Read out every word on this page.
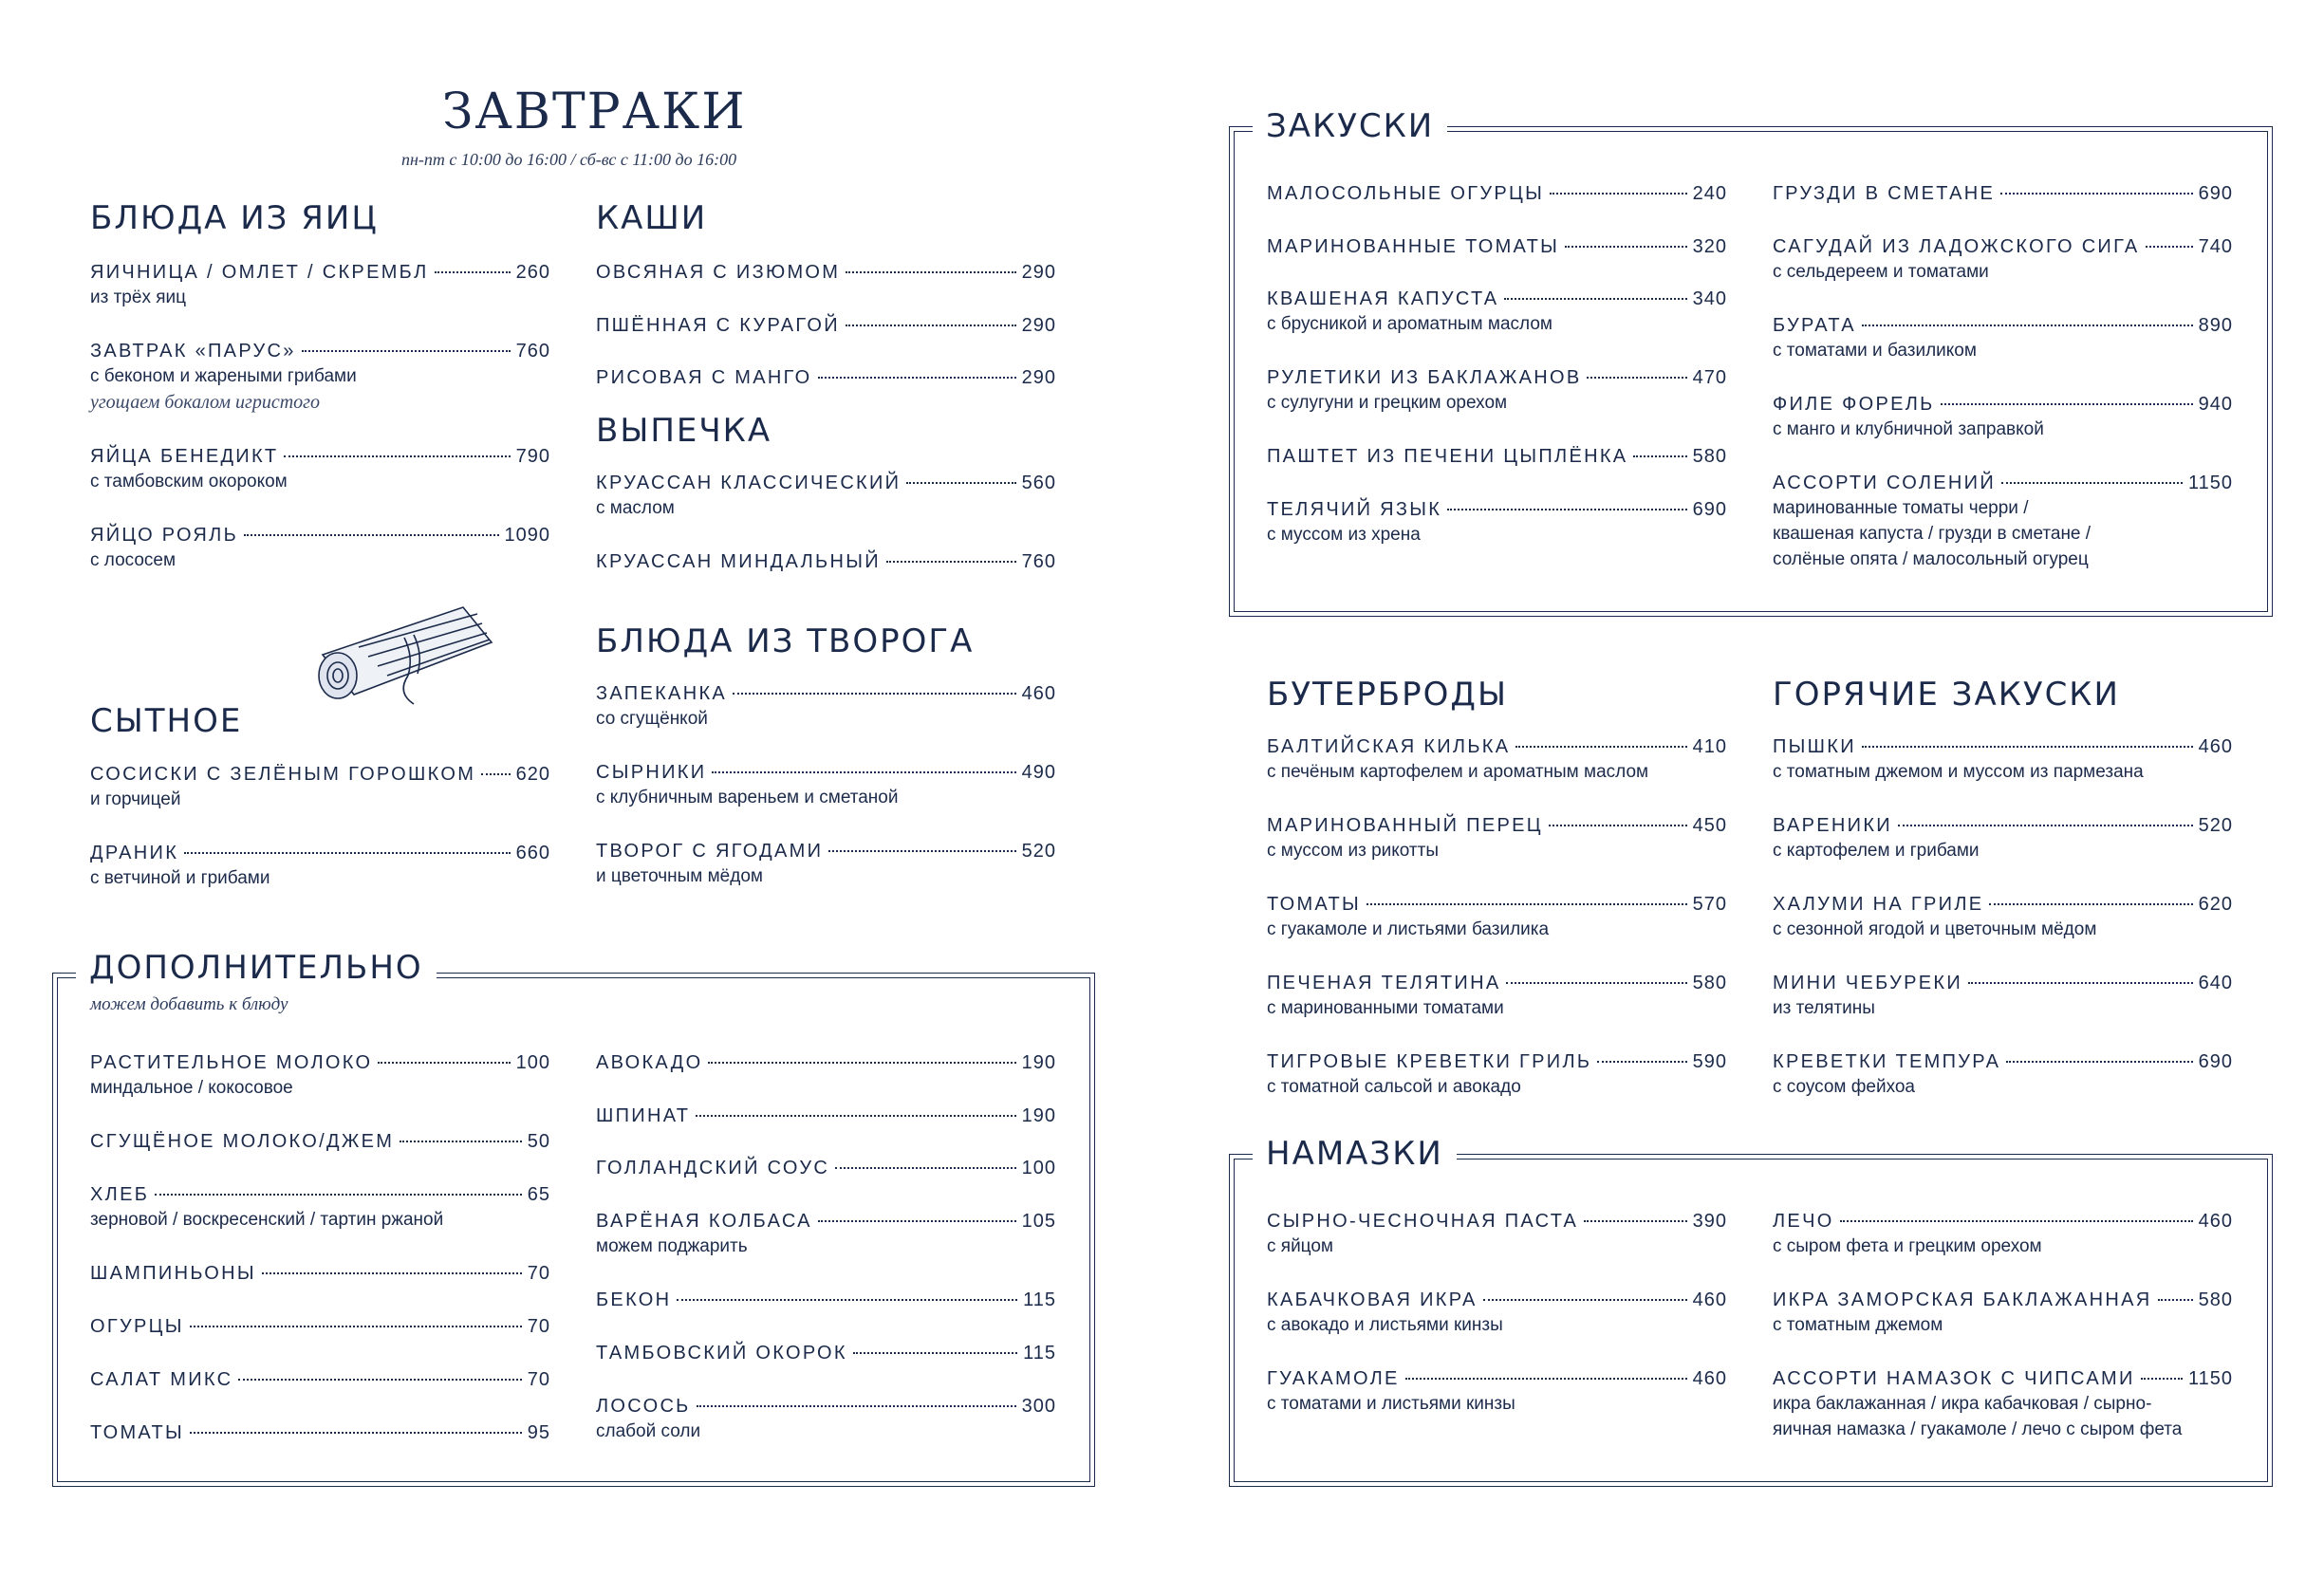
ЗАВТРАКИ
пн-пт с 10:00 до 16:00 / сб-вс с 11:00 до 16:00
БЛЮДА ИЗ ЯИЦ
ЯИЧНИЦА / ОМЛЕТ / СКРЕМБЛ	260
из трёх яиц
ЗАВТРАК «ПАРУС»	760
с беконом и жареными грибами
угощаем бокалом игристого
ЯЙЦА БЕНЕДИКТ	790
с тамбовским окороком
ЯЙЦО РОЯЛЬ	1090
с лососем
СЫТНОЕ
СОСИСКИ С ЗЕЛЁНЫМ ГОРОШКОМ 620
и горчицей
ДРАНИК	660
с ветчиной и грибами
КАШИ
ОВСЯНАЯ С ИЗЮМОМ	290
ПШЁННАЯ С КУРАГОЙ	290
РИСОВАЯ С МАНГО	290
ВЫПЕЧКА
КРУАССАН КЛАССИЧЕСКИЙ	560
с маслом
КРУАССАН МИНДАЛЬНЫЙ	760
БЛЮДА ИЗ ТВОРОГА
ЗАПЕКАНКА	460
со сгущёнкой
СЫРНИКИ	490
с клубничным вареньем и сметаной
ТВОРОГ С ЯГОДАМИ	520
и цветочным мёдом
ДОПОЛНИТЕЛЬНО
можем добавить к блюду
РАСТИТЕЛЬНОЕ МОЛОКО	100
миндальное / кокосовое
СГУЩЁНОЕ МОЛОКО/ДЖЕМ	50
ХЛЕБ	65
зерновой / воскресенский / тартин ржаной
ШАМПИНЬОНЫ	70
ОГУРЦЫ	70
САЛАТ МИКС	70
ТОМАТЫ	95
АВОКАДО	190
ШПИНАТ	190
ГОЛЛАНДСКИЙ СОУС	100
ВАРЁНАЯ КОЛБАСА	105
можем поджарить
БЕКОН	115
ТАМБОВСКИЙ ОКОРОК	115
ЛОСОСЬ	300
слабой соли
ЗАКУСКИ
МАЛОСОЛЬНЫЕ ОГУРЦЫ	240
МАРИНОВАННЫЕ ТОМАТЫ	320
КВАШЕНАЯ КАПУСТА	340
с брусникой и ароматным маслом
РУЛЕТИКИ ИЗ БАКЛАЖАНОВ	470
с сулугуни и грецким орехом
ПАШТЕТ ИЗ ПЕЧЕНИ ЦЫПЛЁНКА	580
ТЕЛЯЧИЙ ЯЗЫК	690
с муссом из хрена
ГРУЗДИ В СМЕТАНЕ	690
САГУДАЙ ИЗ ЛАДОЖСКОГО СИГА	740
с сельдереем и томатами
БУРАТА	890
с томатами и базиликом
ФИЛЕ ФОРЕЛЬ	940
с манго и клубничной заправкой
АССОРТИ СОЛЕНИЙ	1150
маринованные томаты черри /
квашеная капуста / грузди в сметане /
солёные опята / малосольный огурец
БУТЕРБРОДЫ
БАЛТИЙСКАЯ КИЛЬКА	410
с печёным картофелем и ароматным маслом
МАРИНОВАННЫЙ ПЕРЕЦ	450
с муссом из рикотты
ТОМАТЫ	570
с гуакамоле и листьями базилика
ПЕЧЕНАЯ ТЕЛЯТИНА	580
с маринованными томатами
ТИГРОВЫЕ КРЕВЕТКИ ГРИЛЬ	590
с томатной сальсой и авокадо
ГОРЯЧИЕ ЗАКУСКИ
ПЫШКИ	460
с томатным джемом и муссом из пармезана
ВАРЕНИКИ	520
с картофелем и грибами
ХАЛУМИ НА ГРИЛЕ	620
с сезонной ягодой и цветочным мёдом
МИНИ ЧЕБУРЕКИ	640
из телятины
КРЕВЕТКИ ТЕМПУРА	690
с соусом фейхоа
НАМАЗКИ
СЫРНО-ЧЕСНОЧНАЯ ПАСТА	390
с яйцом
КАБАЧКОВАЯ ИКРА	460
с авокадо и листьями кинзы
ГУАКАМОЛЕ	460
с томатами и листьями кинзы
ЛЕЧО	460
с сыром фета и грецким орехом
ИКРА ЗАМОРСКАЯ БАКЛАЖАННАЯ 580
с томатным джемом
АССОРТИ НАМАЗОК С ЧИПСАМИ	1150
икра баклажанная / икра кабачковая / сырно-
яичная намазка / гуакамоле / лечо с сыром фета
